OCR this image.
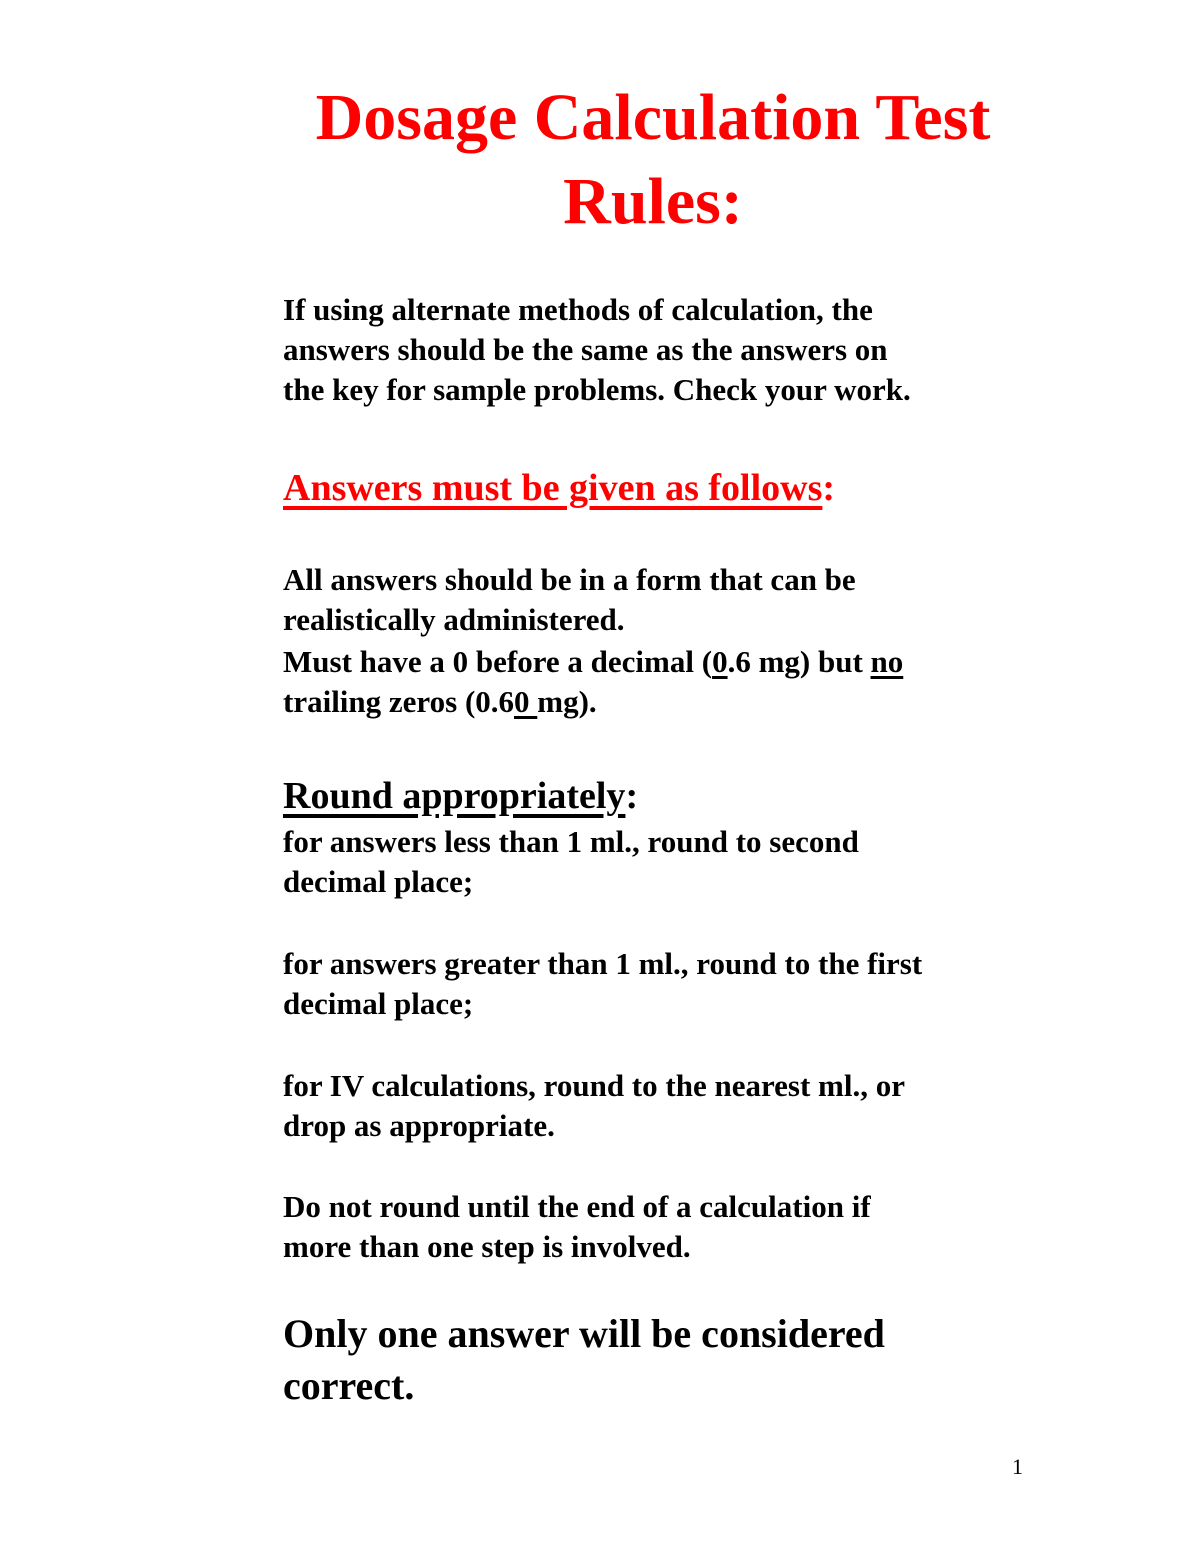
Dosage Calculation Test
Rules:

If using alternate methods of calculation, the
answers should be the same as the answers on
the key for sample problems. Check your work.

Answers must be given as follows:

All answers should be in a form that can be
realistically administered.

Must have a 0 before a decimal (0.6 mg) but no
trailing zeros (0.60 mg).

Round appropriately:

for answers less than 1 ml., round to second
decimal place;

for answers greater than 1 ml., round to the first
decimal place;

for IV calculations, round to the nearest ml., or
drop as appropriate.

Do not round until the end of a calculation if
more than one step is involved.

Only one answer will be considered
correct.

1
